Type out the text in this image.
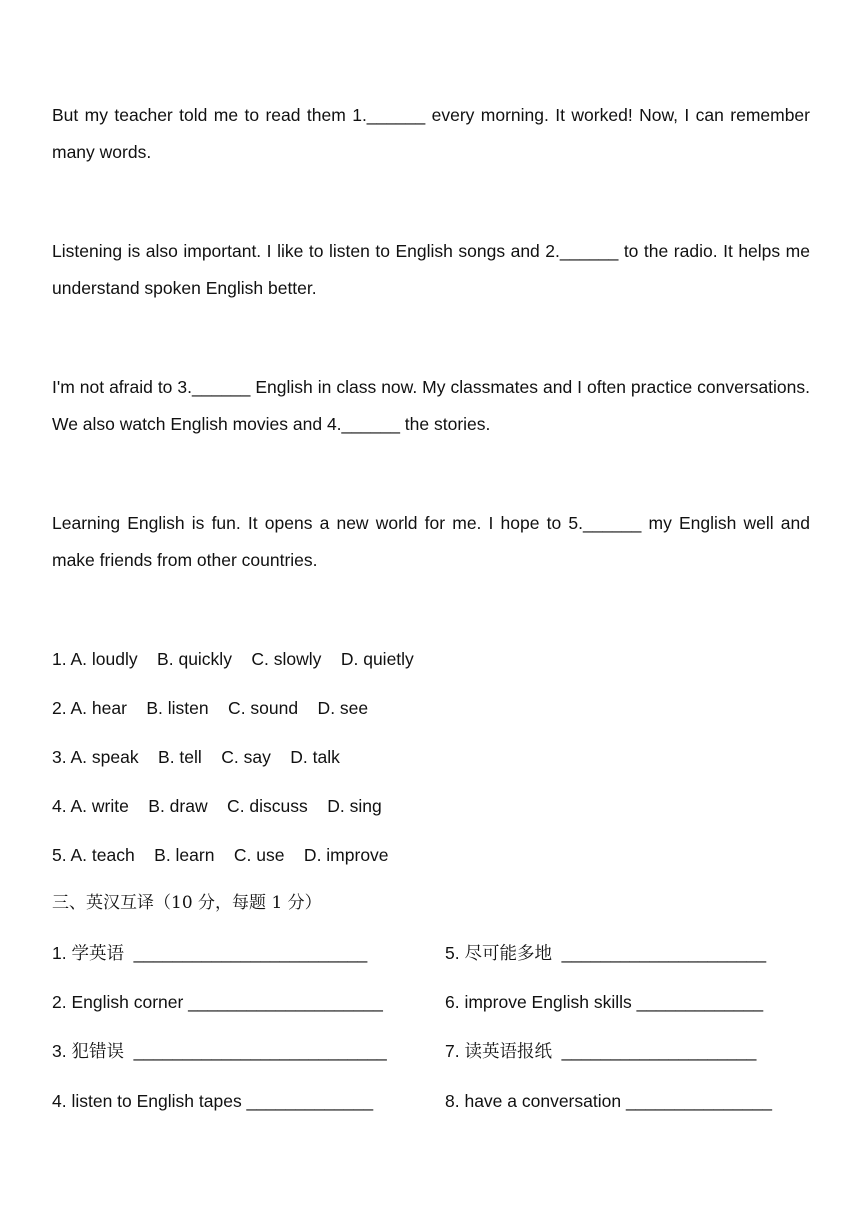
But my teacher told me to read them 1.______ every morning. It worked! Now, I can remember many words.

Listening is also important. I like to listen to English songs and 2.______ to the radio. It helps me understand spoken English better.

I'm not afraid to 3.______ English in class now. My classmates and I often practice conversations. We also watch English movies and 4.______ the stories.

Learning English is fun. It opens a new world for me. I hope to 5.______ my English well and make friends from other countries.

1. A. loudly    B. quickly    C. slowly    D. quietly
2. A. hear    B. listen    C. sound    D. see
3. A. speak    B. tell    C. say    D. talk
4. A. write    B. draw    C. discuss    D. sing
5. A. teach    B. learn    C. use    D. improve
三、英汉互译（10 分，每题 1 分）
1. 学英语  ________________________	5. 尽可能多地  _____________________
2. English corner ____________________	6. improve English skills _____________
3. 犯错误  __________________________	7. 读英语报纸  ____________________
4. listen to English tapes _____________	8. have a conversation _______________
